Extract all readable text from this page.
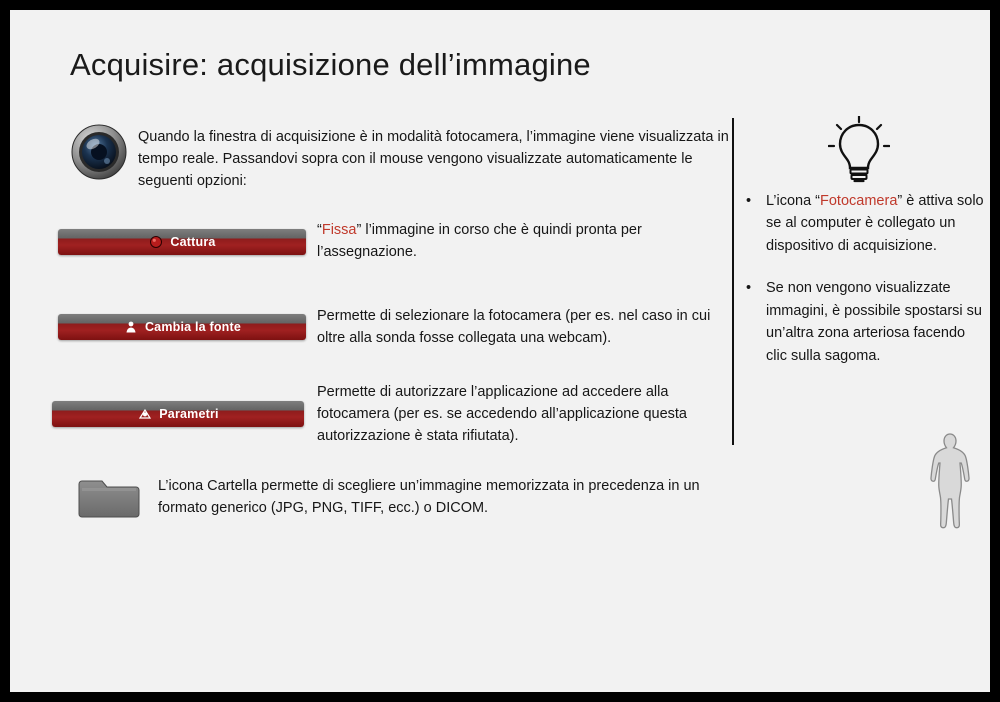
Acquisire: acquisizione dell’immagine
Quando la finestra di acquisizione è in modalità fotocamera, l’immagine viene visualizzata in tempo reale. Passandovi sopra con il mouse vengono visualizzate automaticamente le seguenti opzioni:
Cattura
“Fissa” l’immagine in corso che è quindi pronta per l’assegnazione.
Cambia la fonte
Permette di selezionare la fotocamera (per es. nel caso in cui oltre alla sonda fosse collegata una webcam).
Parametri
Permette di autorizzare l’applicazione ad accedere alla fotocamera (per es. se accedendo all’applicazione questa autorizzazione è stata rifiutata).
L’icona Cartella permette di scegliere un’immagine memorizzata in precedenza in un formato generico (JPG, PNG, TIFF, ecc.) o DICOM.
• L’icona “Fotocamera” è attiva solo se al computer è collegato un dispositivo di acquisizione.
• Se non vengono visualizzate immagini, è possibile spostarsi su un’altra zona arteriosa facendo clic sulla sagoma.
